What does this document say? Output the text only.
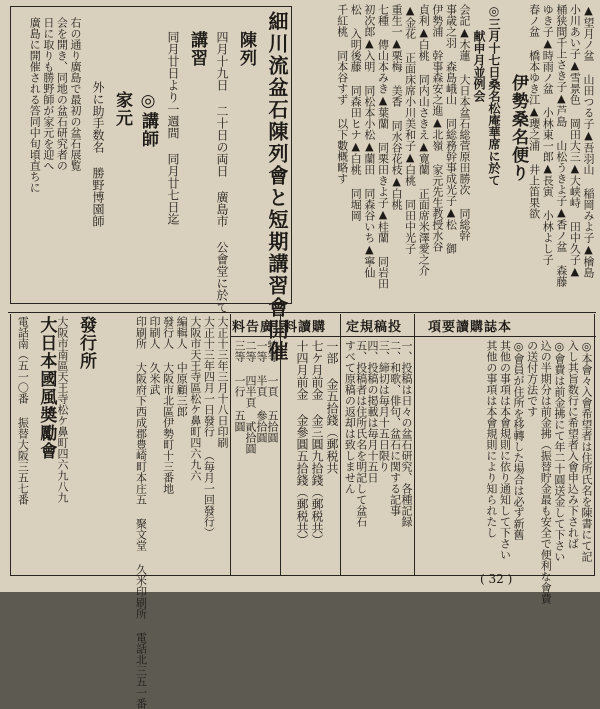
▲望月ノ盆 山田つる子▲吾羽山 稲岡みよ子▲檜島
小川あい子▲雪景色 岡田大三▲大峡峙 田中久子▲
桶狭間千上さき子▲芦島 山松うきよ子▲香ノ盆 森藤
ゆき子▲時雨ノ盆 小林東一郎▲長寅 小林よし子
春ノ盆 橋本ゆき江▲瓔之浦 井上笛果欲
伊勢桑名便り
◎三月十七日桑名松庵華席に於て
献申月並例会
会記▲木蓮 大日本盆石総菅原田勝次 同総幹
事歳之羽 森島峨山 同総務幹事成光子▲松 御
伊勢浦 幹事森安之進▲北嶺 家元先生教授水谷
貞利▲白桃 同内山さきえ▲寛蘭 正面席米澤愛之介
▲金花 正面床席小川美和子▲白桃 同田中光子
重生一▲栗梅 美香 同水谷花枝▲白桃
七種 傳山本みき▲葉蘭 同栗田きよ子▲桂蘭 同岩田
初次郎▲入明 同松本小松▲蘭田 同森谷いち▲寧仙
松 入明後藤 同森田ヒナ▲白桃 同堀岡
千紅桃 同本谷すず 以下數概略す
細川流盆石陳列會と短期講習會開催
陳列
四月十九日 二十日の両日 廣島市 公會堂に於て
講習
同月廿日より一週間 同月廿七日迄
◎講師
家元
外に助手数名 勝野博園師
右の通り廣島で最初の盆石展覧
会を開き、同地の盆石研究者の
日に取りも勝野師が家元を迎へ
廣島に開催される答同中旬頃直ちに
項要讀購誌本
定規稿投
料讀購
料告廣
◎本會々入會希望者は住所氏名を陳書にて記
入し其旨数行に希望者入會申込み下されば
◎會費は前金拂にて年二十圓送金して下さい
込の半期分は前金拂（振替貯金最も安全で便利な會費
の送付方法です
◎會員が住所を移轉した場合は必ず新舊
其他の事項は本會規則に依り通知して下さい
其他の事項は本會規則により知られたし
一、投稿は日々の盆石研究、各種記録
二、和歌、俳句、盆石に関する記事
三、締切は毎月十五日限り
四、投稿の掲載は毎月十五日
五、投稿者は住所氏名を明記して盆石
すべて原稿の返却は致しません
一部 金五拾錢（郵税共
七ケ月前金 金三圓九拾錢（郵税共）
十四月前金 金參圓五拾錢（郵税共）
特等 一頁 五拾圓
一等 半頁 參拾圓
二等 四半頁 貳拾圓
三等 一行 五圓
大正十三年三月十八日印刷
大正十三年四月一日發行 （毎月一回發行）
大阪市天王寺區松ケ鼻町四六九六
編輯人 中原顧三郎
發行人 大阪市北區伊勢町十三番地
印刷人 久米武
印刷所 大阪府下西成郡豊崎町本庄五 聚文堂 久米印刷所 電話北三五一番
發行所
大阪市南區天王寺松ケ鼻町四六九八九
大日本國風奬勵會
電話南（五一〇番 振替大阪三五七番
( 32 )
